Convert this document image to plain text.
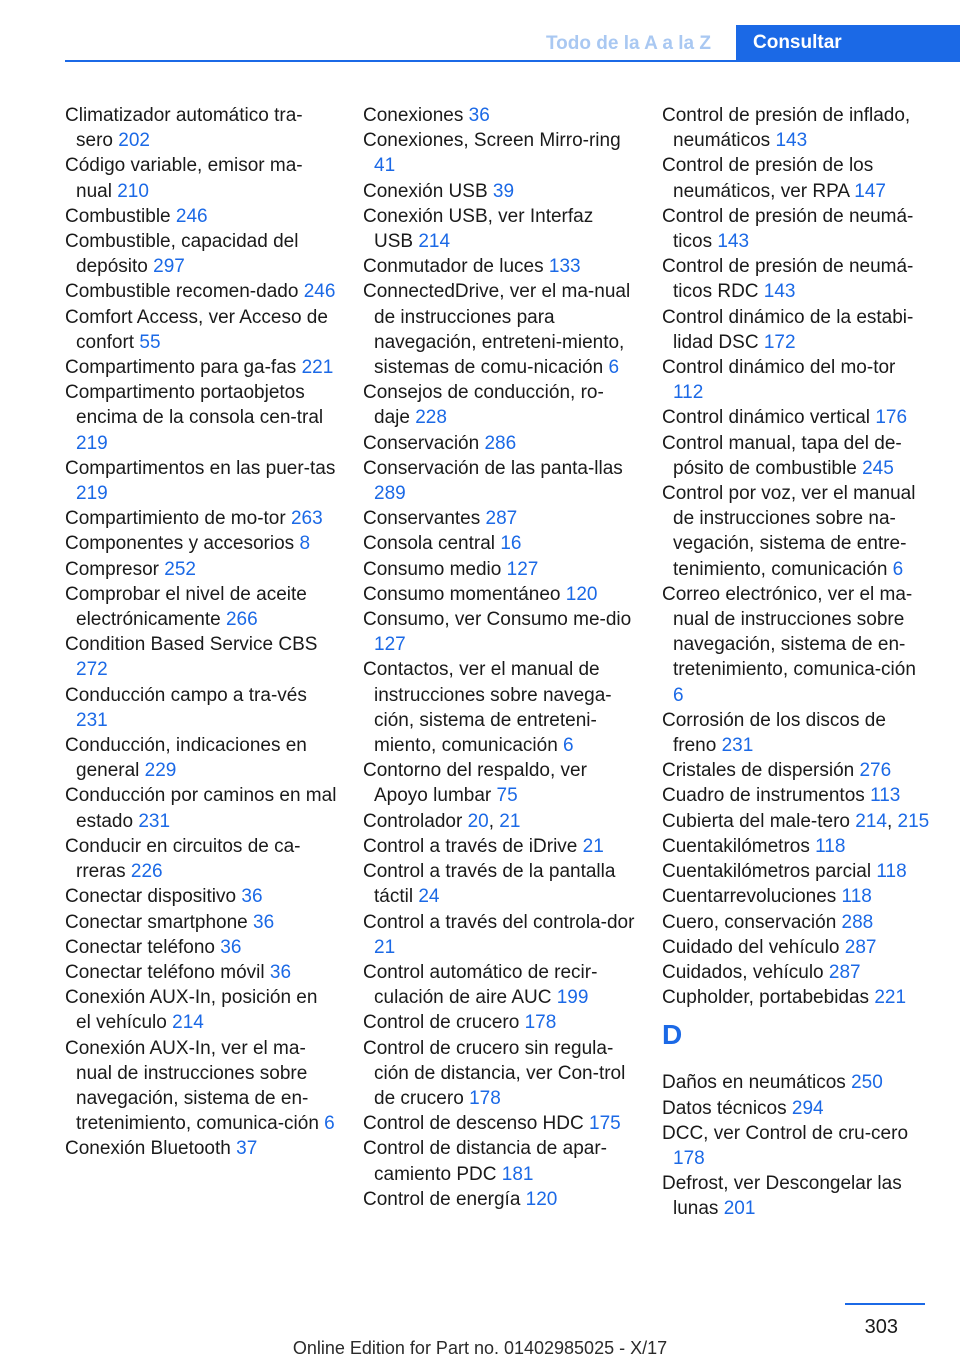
Todo de la A a la Z	Consultar
Climatizador automático tra-sero 202
Código variable, emisor ma-nual 210
Combustible 246
Combustible, capacidad del depósito 297
Combustible recomen-dado 246
Comfort Access, ver Acceso de confort 55
Compartimento para ga-fas 221
Compartimento portaobjetos encima de la consola cen-tral 219
Compartimentos en las puer-tas 219
Compartimiento de mo-tor 263
Componentes y accesorios 8
Compresor 252
Comprobar el nivel de aceite electrónicamente 266
Condition Based Service CBS 272
Conducción campo a tra-vés 231
Conducción, indicaciones en general 229
Conducción por caminos en mal estado 231
Conducir en circuitos de ca-rreras 226
Conectar dispositivo 36
Conectar smartphone 36
Conectar teléfono 36
Conectar teléfono móvil 36
Conexión AUX-In, posición en el vehículo 214
Conexión AUX-In, ver el ma-nual de instrucciones sobre navegación, sistema de en-tretenimiento, comunica-ción 6
Conexión Bluetooth 37
Conexiones 36
Conexiones, Screen Mirro-ring 41
Conexión USB 39
Conexión USB, ver Interfaz USB 214
Conmutador de luces 133
ConnectedDrive, ver el ma-nual de instrucciones para navegación, entreteni-miento, sistemas de comu-nicación 6
Consejos de conducción, ro-daje 228
Conservación 286
Conservación de las panta-llas 289
Conservantes 287
Consola central 16
Consumo medio 127
Consumo momentáneo 120
Consumo, ver Consumo me-dio 127
Contactos, ver el manual de instrucciones sobre navega-ción, sistema de entreteni-miento, comunicación 6
Contorno del respaldo, ver Apoyo lumbar 75
Controlador 20, 21
Control a través de iDrive 21
Control a través de la pantalla táctil 24
Control a través del controla-dor 21
Control automático de recir-culación de aire AUC 199
Control de crucero 178
Control de crucero sin regula-ción de distancia, ver Con-trol de crucero 178
Control de descenso HDC 175
Control de distancia de apar-camiento PDC 181
Control de energía 120
Control de presión de inflado, neumáticos 143
Control de presión de los neumáticos, ver RPA 147
Control de presión de neumá-ticos 143
Control de presión de neumá-ticos RDC 143
Control dinámico de la estabi-lidad DSC 172
Control dinámico del mo-tor 112
Control dinámico vertical 176
Control manual, tapa del de-pósito de combustible 245
Control por voz, ver el manual de instrucciones sobre na-vegación, sistema de entre-tenimiento, comunicación 6
Correo electrónico, ver el ma-nual de instrucciones sobre navegación, sistema de en-tretenimiento, comunica-ción 6
Corrosión de los discos de freno 231
Cristales de dispersión 276
Cuadro de instrumentos 113
Cubierta del male-tero 214, 215
Cuentakilómetros 118
Cuentakilómetros parcial 118
Cuentarrevoluciones 118
Cuero, conservación 288
Cuidado del vehículo 287
Cuidados, vehículo 287
Cupholder, portabebidas 221
D
Daños en neumáticos 250
Datos técnicos 294
DCC, ver Control de cru-cero 178
Defrost, ver Descongelar las lunas 201
303
Online Edition for Part no. 01402985025 - X/17
